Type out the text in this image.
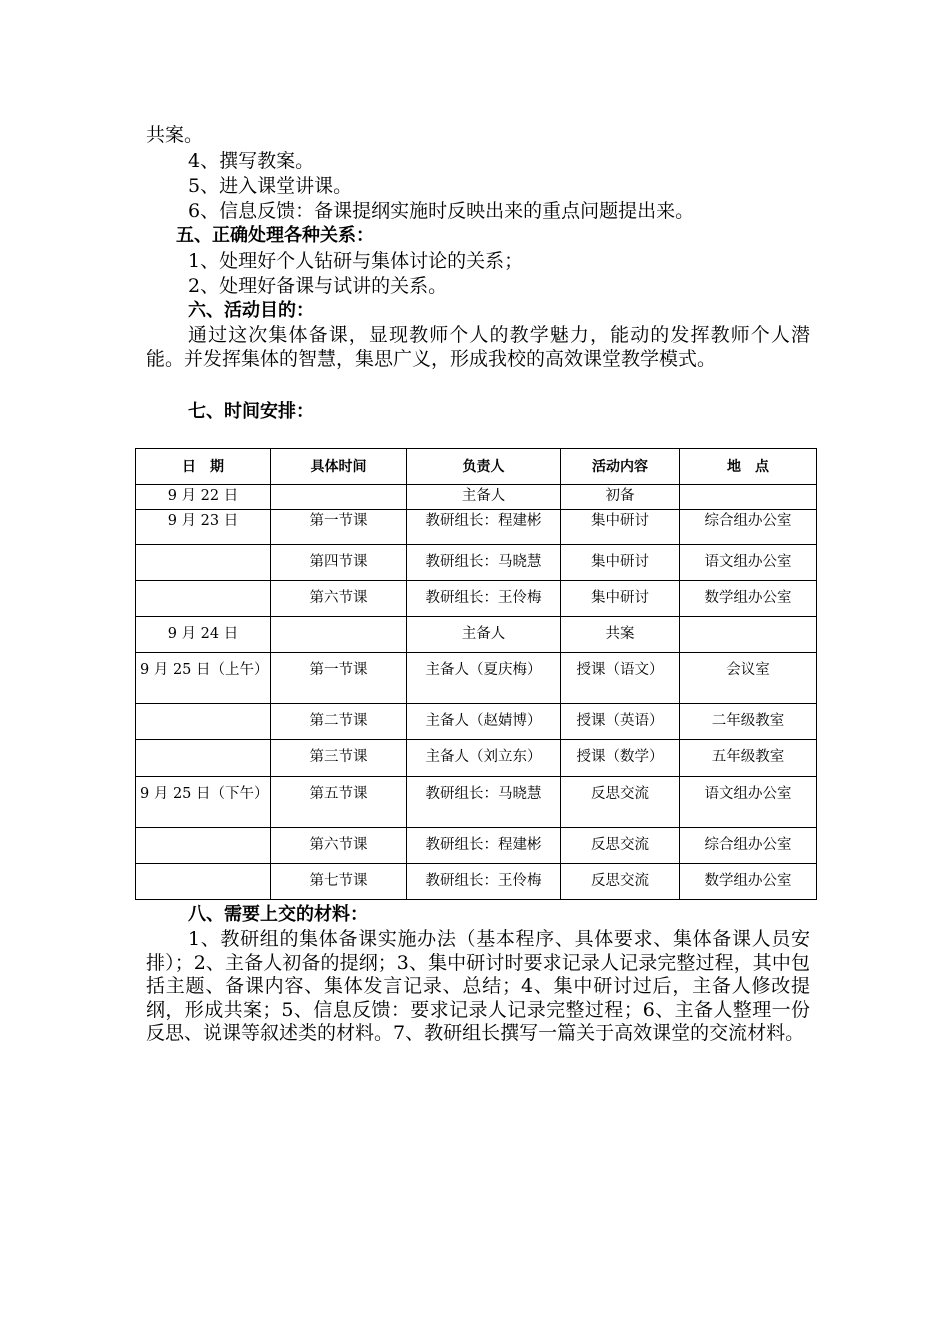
共案。
4、撰写教案。
5、进入课堂讲课。
6、信息反馈：备课提纲实施时反映出来的重点问题提出来。
五、正确处理各种关系：
1、处理好个人钻研与集体讨论的关系；
2、处理好备课与试讲的关系。
六、活动目的：
通过这次集体备课，显现教师个人的教学魅力，能动的发挥教师个人潜能。并发挥集体的智慧，集思广义，形成我校的高效课堂教学模式。
七、时间安排：
日　期	具体时间	负责人	活动内容	地　点
9 月 22 日		主备人	初备	
9 月 23 日	第一节课	教研组长：程建彬	集中研讨	综合组办公室
	第四节课	教研组长：马晓慧	集中研讨	语文组办公室
	第六节课	教研组长：王伶梅	集中研讨	数学组办公室
9 月 24 日		主备人	共案	
9 月 25 日（上午）	第一节课	主备人（夏庆梅）	授课（语文）	会议室
	第二节课	主备人（赵婧博）	授课（英语）	二年级教室
	第三节课	主备人（刘立东）	授课（数学）	五年级教室
9 月 25 日（下午）	第五节课	教研组长：马晓慧	反思交流	语文组办公室
	第六节课	教研组长：程建彬	反思交流	综合组办公室
	第七节课	教研组长：王伶梅	反思交流	数学组办公室
八、需要上交的材料：
1、教研组的集体备课实施办法（基本程序、具体要求、集体备课人员安排）；2、主备人初备的提纲；3、集中研讨时要求记录人记录完整过程，其中包括主题、备课内容、集体发言记录、总结；4、集中研讨过后，主备人修改提纲，形成共案；5、信息反馈：要求记录人记录完整过程；6、主备人整理一份反思、说课等叙述类的材料。7、教研组长撰写一篇关于高效课堂的交流材料。
